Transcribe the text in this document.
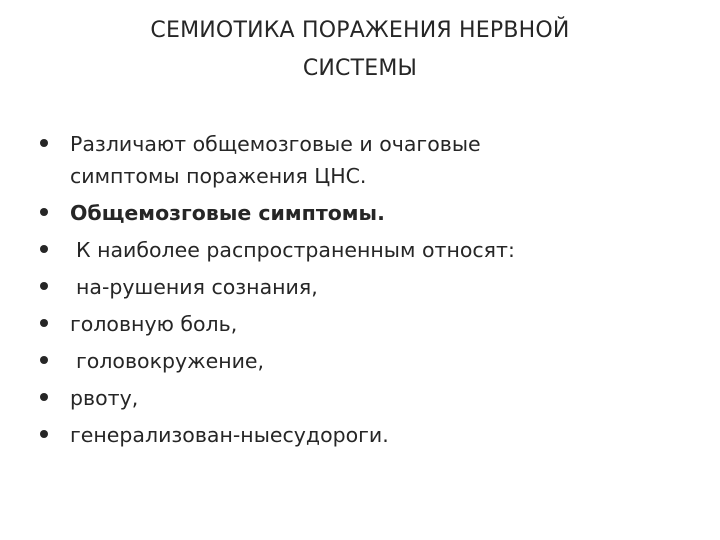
СЕМИОТИКА ПОРАЖЕНИЯ НЕРВНОЙ
СИСТЕМЫ
Различают общемозговые и очаговые
симптомы поражения ЦНС.
Общемозговые симптомы.
К наиболее распространенным относят:
на-рушения сознания,
головную боль,
головокружение,
рвоту,
генерализован-ныесудороги.
